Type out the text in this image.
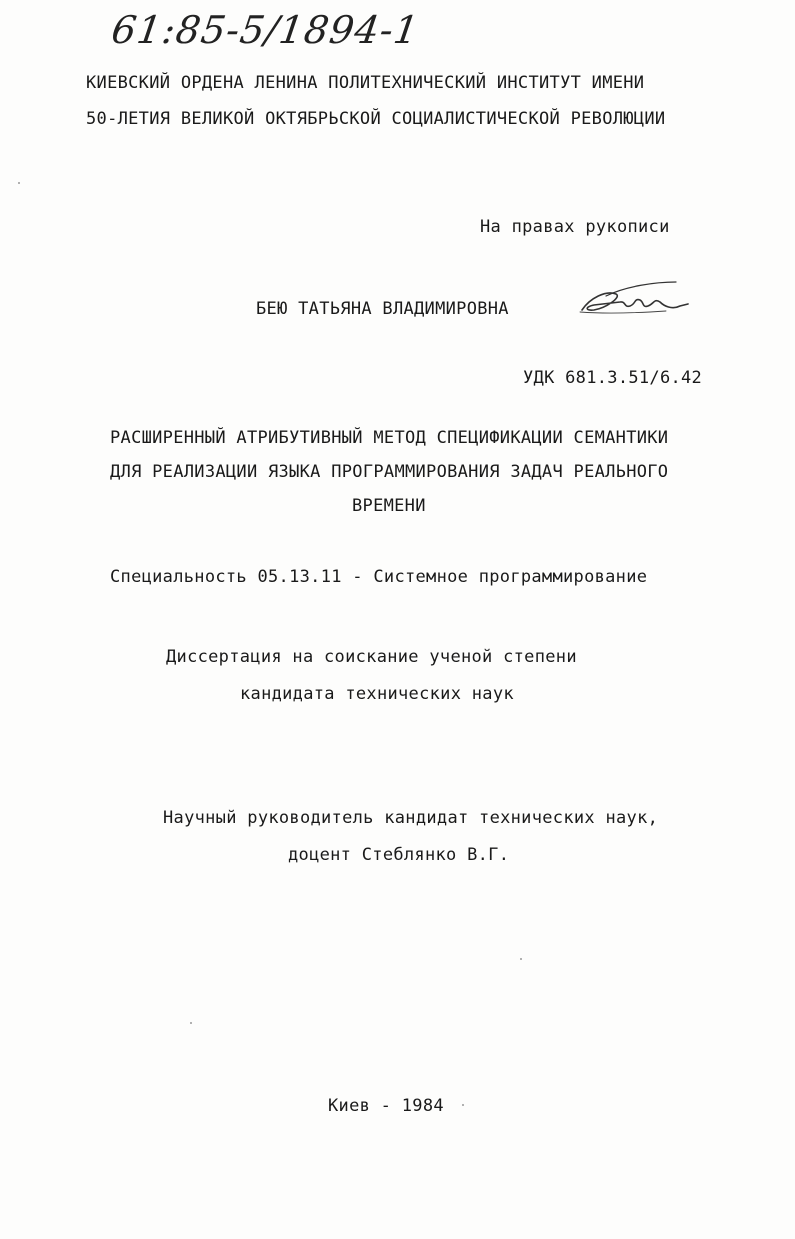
61:85-5/1894-1
КИЕВСКИЙ ОРДЕНА ЛЕНИНА ПОЛИТЕХНИЧЕСКИЙ ИНСТИТУТ ИМЕНИ
50-ЛЕТИЯ ВЕЛИКОЙ ОКТЯБРЬСКОЙ СОЦИАЛИСТИЧЕСКОЙ РЕВОЛЮЦИИ
На правах рукописи
БЕЮ ТАТЬЯНА ВЛАДИМИРОВНА
УДК 681.3.51/6.42
РАСШИРЕННЫЙ АТРИБУТИВНЫЙ МЕТОД СПЕЦИФИКАЦИИ СЕМАНТИКИ
ДЛЯ РЕАЛИЗАЦИИ ЯЗЫКА ПРОГРАММИРОВАНИЯ ЗАДАЧ РЕАЛЬНОГО
ВРЕМЕНИ
Специальность 05.13.11 - Системное программирование
Диссертация на соискание ученой степени
кандидата технических наук
Научный руководитель кандидат технических наук,
доцент Стеблянко В.Г.
Киев - 1984
